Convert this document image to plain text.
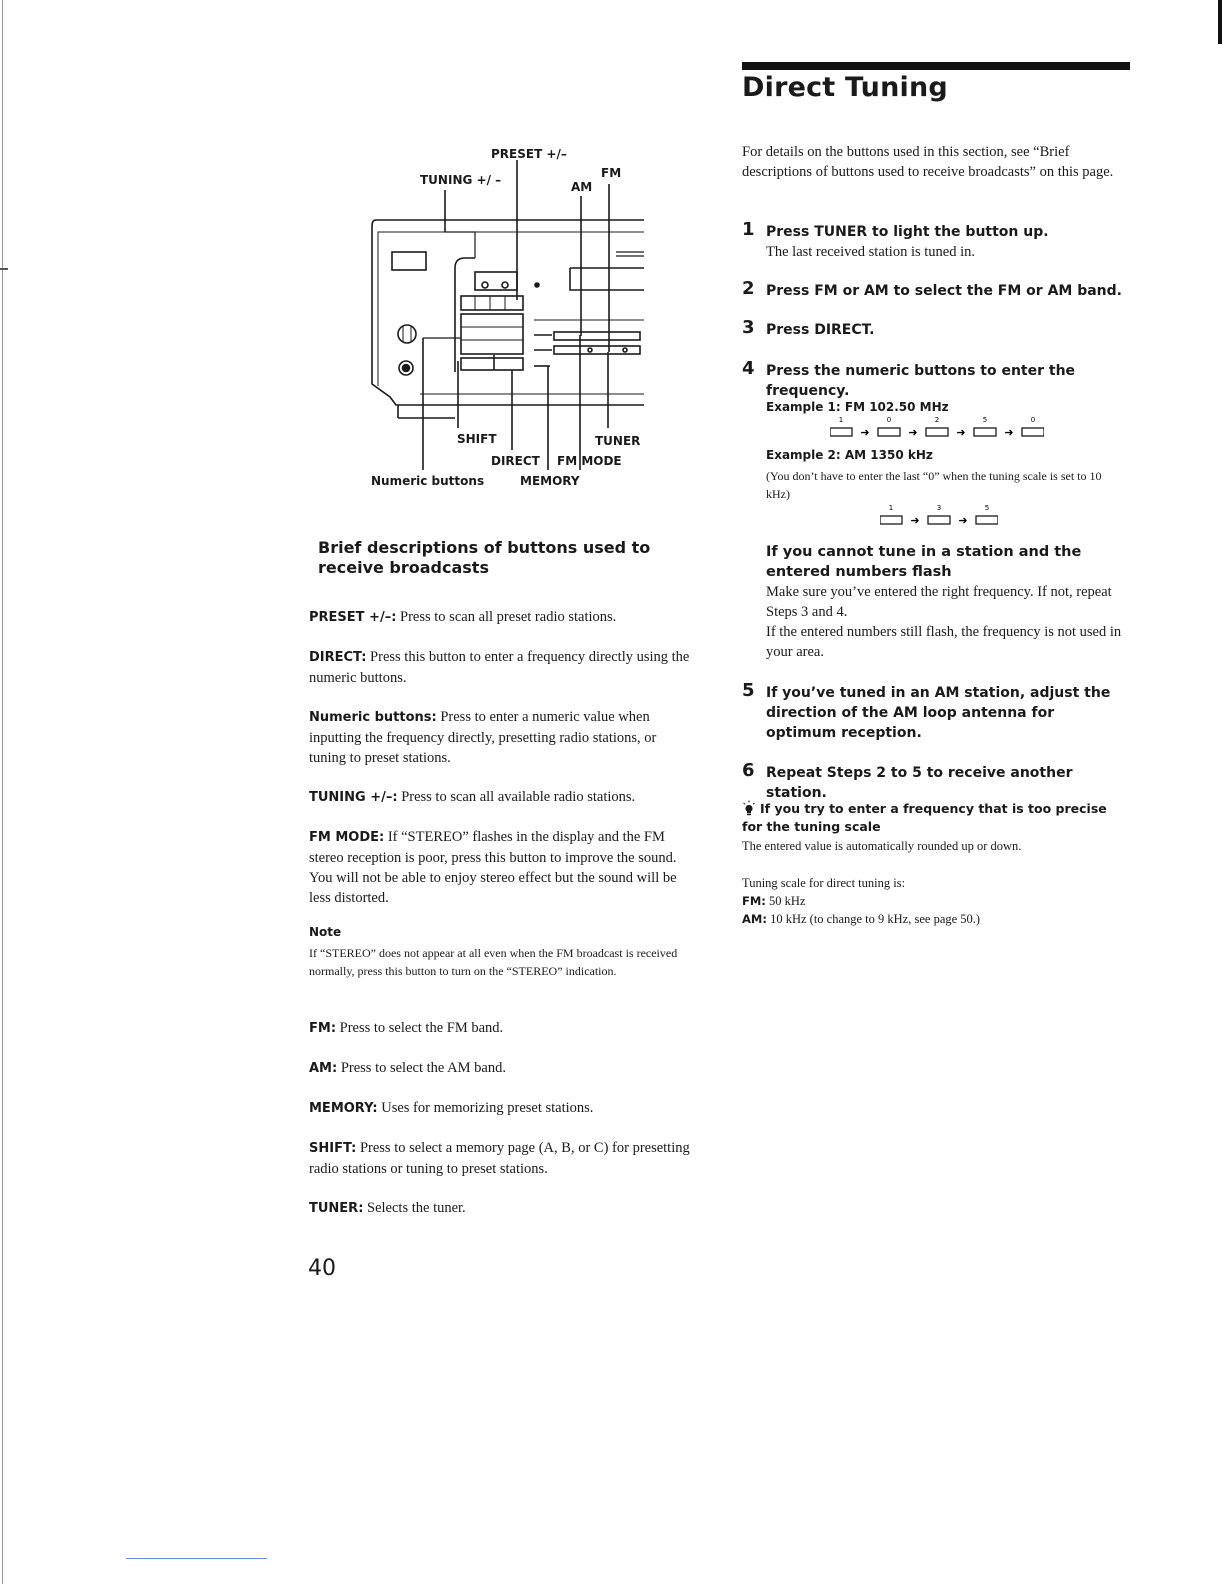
Direct Tuning
PRESET +/–
TUNING +/ –	FM
AM
SHIFT	TUNER
DIRECT FM MODE
Numeric buttons	MEMORY
Brief descriptions of buttons used to receive broadcasts
PRESET +/–: Press to scan all preset radio stations.
DIRECT: Press this button to enter a frequency directly using the numeric buttons.
Numeric buttons: Press to enter a numeric value when inputting the frequency directly, presetting radio stations, or tuning to preset stations.
TUNING +/–: Press to scan all available radio stations.
FM MODE: If “STEREO” flashes in the display and the FM stereo reception is poor, press this button to improve the sound. You will not be able to enjoy stereo effect but the sound will be less distorted.
Note
If “STEREO” does not appear at all even when the FM broadcast is received normally, press this button to turn on the “STEREO” indication.
FM: Press to select the FM band.
AM: Press to select the AM band.
MEMORY: Uses for memorizing preset stations.
SHIFT: Press to select a memory page (A, B, or C) for presetting radio stations or tuning to preset stations.
TUNER: Selects the tuner.
40
For details on the buttons used in this section, see “Brief descriptions of buttons used to receive broadcasts” on this page.
1 Press TUNER to light the button up.
The last received station is tuned in.
2 Press FM or AM to select the FM or AM band.
3 Press DIRECT.
4 Press the numeric buttons to enter the frequency.
Example 1: FM 102.50 MHz
1
➜
0
➜
2
➜
5
➜
0
Example 2: AM 1350 kHz
(You don’t have to enter the last “0” when the tuning scale is set to 10 kHz)
1
➜
3
➜
5
If you cannot tune in a station and the entered numbers flash
Make sure you’ve entered the right frequency. If not, repeat Steps 3 and 4.
If the entered numbers still flash, the frequency is not used in your area.
5 If you’ve tuned in an AM station, adjust the direction of the AM loop antenna for optimum reception.
6 Repeat Steps 2 to 5 to receive another station.
If you try to enter a frequency that is too precise for the tuning scale
The entered value is automatically rounded up or down.
Tuning scale for direct tuning is:
FM: 50 kHz
AM: 10 kHz (to change to 9 kHz, see page 50.)
